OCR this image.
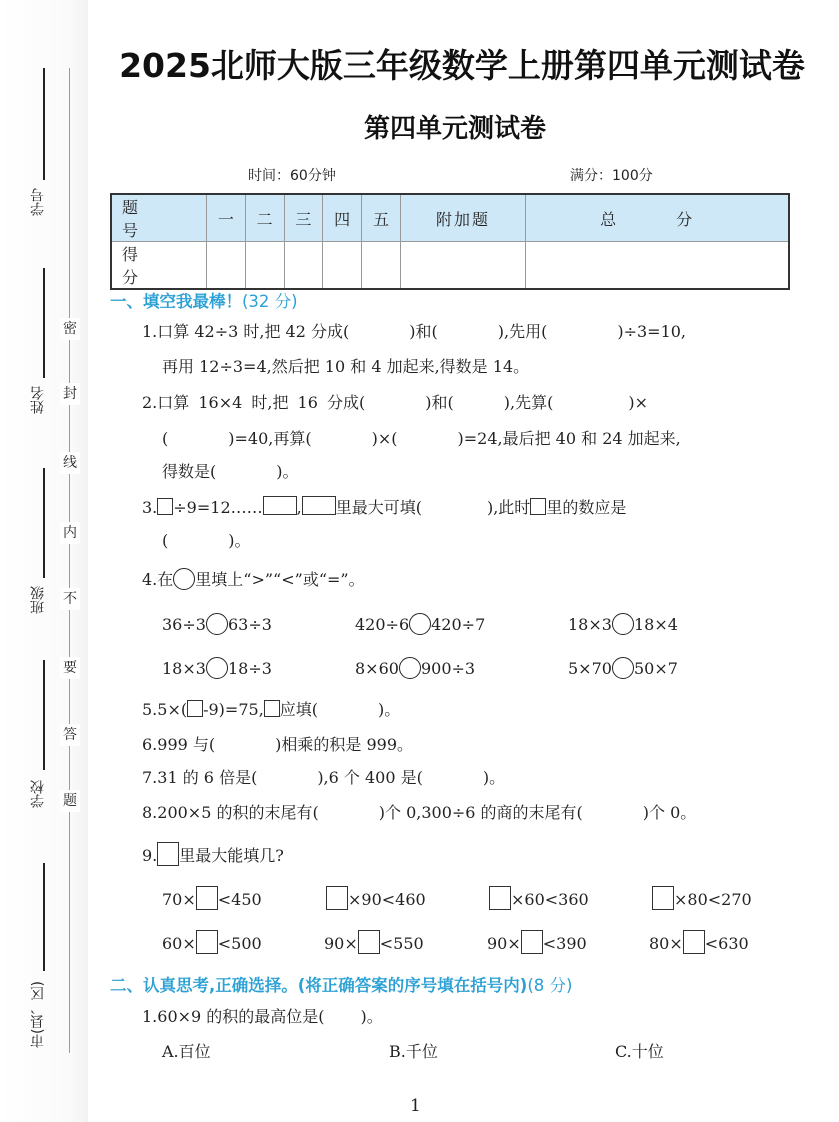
密
封
线
内
不
要
答
题
学号
姓名
班级
学校
市(县、区)
2025北师大版三年级数学上册第四单元测试卷
第四单元测试卷
时间：60分钟	满分：100分
题　号	一	二	三	四	五	附加题	总　分
得　分							
一、填空我最棒！(32 分)
1.口算 42÷3 时,把 42 分成(	)和(	),先用(	)÷3=10,
再用 12÷3=4,然后把 10 和 4 加起来,得数是 14。
2.口算 16×4 时,把 16 分成(	)和(	),先算(	)×
(	)=40,再算(	)×(	)=24,最后把 40 和 24 加起来,
得数是(	)。
3. ÷9=12…… , 里最大可填(	),此时 里的数应是
(	)。
4.在 里填上“>”“<”或“=”。
36÷3 63÷3	420÷6 420÷7	18×3 18×4
18×3 18÷3	8×60 900÷3	5×70 50×7
5.5×( -9)=75, 应填(	)。
6.999 与(	)相乘的积是 999。
7.31 的 6 倍是(	),6 个 400 是(	)。
8.200×5 的积的末尾有(	)个 0,300÷6 的商的末尾有(	)个 0。
9. 里最大能填几?
70× <450	×90<460	×60<360	×80<270
60× <500	90× <550	90× <390	80× <630
二、认真思考,正确选择。(将正确答案的序号填在括号内)(8 分)
1.60×9 的积的最高位是( )。
A.百位	B.千位	C.十位
1
